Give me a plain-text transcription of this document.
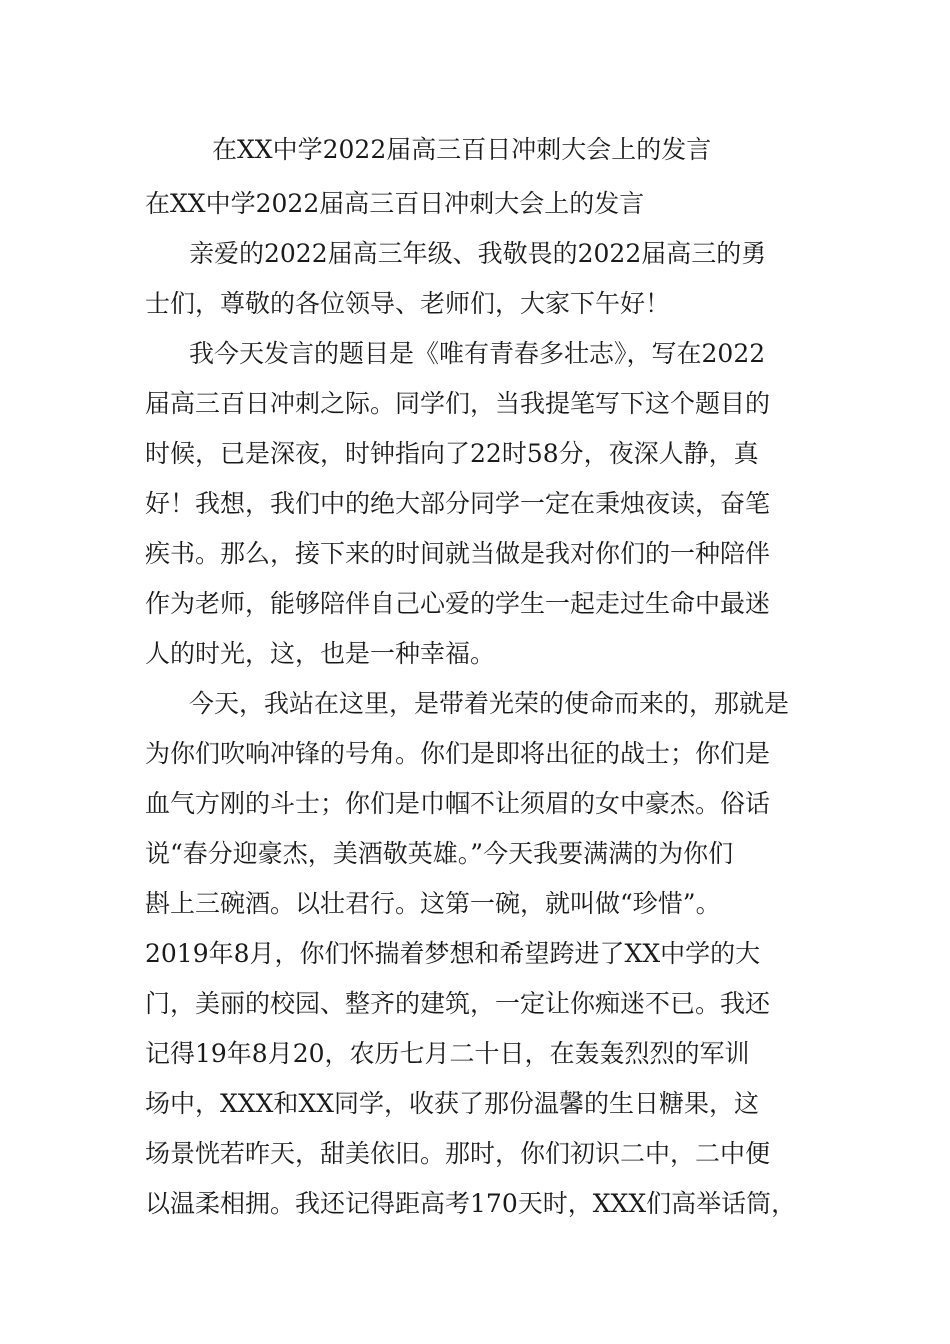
在XX中学2022届高三百日冲刺大会上的发言

在XX中学2022届高三百日冲刺大会上的发言

亲爱的2022届高三年级、我敬畏的2022届高三的勇
士们，尊敬的各位领导、老师们，大家下午好！

我今天发言的题目是《唯有青春多壮志》，写在2022
届高三百日冲刺之际。同学们，当我提笔写下这个题目的
时候，已是深夜，时钟指向了22时58分，夜深人静，真
好！我想，我们中的绝大部分同学一定在秉烛夜读，奋笔
疾书。那么，接下来的时间就当做是我对你们的一种陪伴
作为老师，能够陪伴自己心爱的学生一起走过生命中最迷
人的时光，这，也是一种幸福。

今天，我站在这里，是带着光荣的使命而来的，那就是
为你们吹响冲锋的号角。你们是即将出征的战士；你们是
血气方刚的斗士；你们是巾帼不让须眉的女中豪杰。俗话
说“春分迎豪杰，美酒敬英雄。”今天我要满满的为你们
斟上三碗酒。以壮君行。这第一碗，就叫做“珍惜”。
2019年8月，你们怀揣着梦想和希望跨进了XX中学的大
门，美丽的校园、整齐的建筑，一定让你痴迷不已。我还
记得19年8月20，农历七月二十日，在轰轰烈烈的军训
场中，XXX和XX同学，收获了那份温馨的生日糖果，这
场景恍若昨天，甜美依旧。那时，你们初识二中，二中便
以温柔相拥。我还记得距高考170天时，XXX们高举话筒，
